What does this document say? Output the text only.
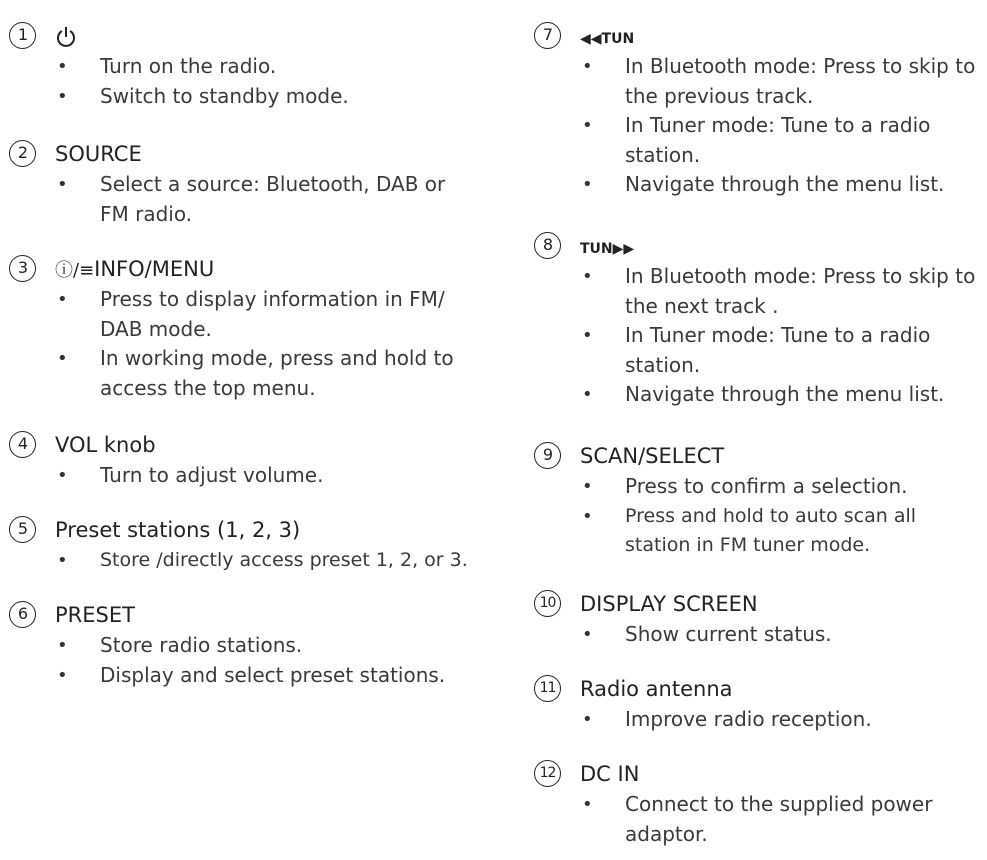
1
• Turn on the radio.
• Switch to standby mode.
2	SOURCE
• Select a source: Bluetooth, DAB or FM radio.
3	ⓘ/≡INFO/MENU
• Press to display information in FM/ DAB mode.
• In working mode, press and hold to access the top menu.
4	VOL knob
• Turn to adjust volume.
5	Preset stations (1, 2, 3)
• Store /directly access preset 1, 2, or 3.
6	PRESET
• Store radio stations.
• Display and select preset stations.
7	◀◀TUN
• In Bluetooth mode: Press to skip to the previous track.
• In Tuner mode: Tune to a radio station.
• Navigate through the menu list.
8	TUN▶▶
• In Bluetooth mode: Press to skip to the next track .
• In Tuner mode: Tune to a radio station.
• Navigate through the menu list.
9	SCAN/SELECT
• Press to confirm a selection.
• Press and hold to auto scan all station in FM tuner mode.
10 DISPLAY SCREEN
• Show current status.
11 Radio antenna
• Improve radio reception.
12 DC IN
• Connect to the supplied power adaptor.
